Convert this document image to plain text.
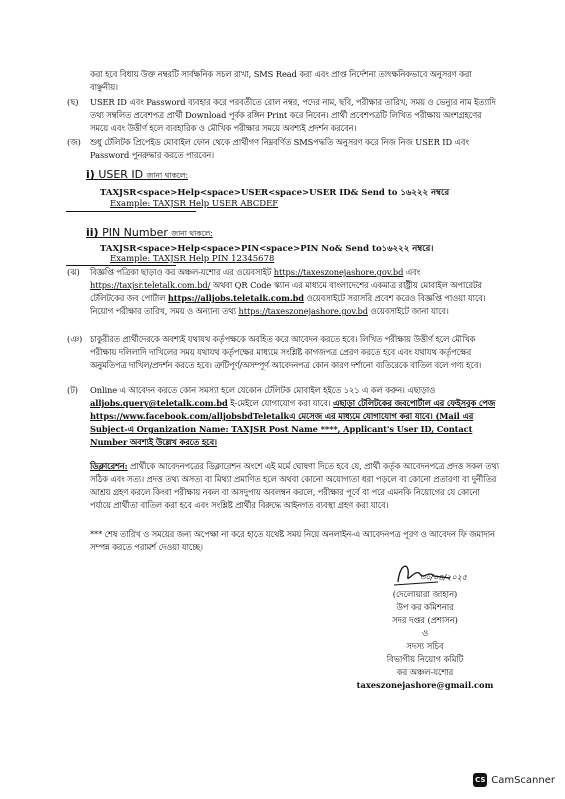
করা হবে বিধায় উক্ত নম্বরটি সার্বক্ষনিক সচল রাখা, SMS Read করা এবং প্রাপ্ত নির্দেশনা তাৎক্ষনিকভাবে অনুসরণ করা বাঞ্ছনীয়।
(ছ) USER ID এবং Password ব্যবহার করে পরবর্তীতে রোল নম্বর, পদের নাম, ছবি, পরীক্ষার তারিখ, সময় ও ভেন্যুর নাম ইত্যাদি তথ্য সম্বলিত প্রবেশপত্র প্রার্থী Download পূর্বক রঙ্গিন Print করে নিবেন। প্রার্থী প্রবেশপত্রটি লিখিত পরীক্ষায় অংশগ্রহণের সময়ে এবং উত্তীর্ণ হলে ব্যবহারিক ও মৌখিক পরীক্ষার সময়ে অবশ্যই প্রদর্শন করবেন।
(জ) শুধু টেলিটক প্রিপেইড মোবাইল ফোন থেকে প্রার্থীগণ নিম্নবর্ণিত SMSপদ্ধতি অনুসরণ করে নিজ নিজ USER ID এবং Password পুনরুদ্ধার করতে পারবেন।
i) USER ID জানা থাকলে:
TAXJSR<space>Help<space>USER<space>USER ID& Send to ১৬২২২ নম্বরে
Example: TAXJSR Help USER ABCDEF
ii) PIN Number জানা থাকলে:
TAXJSR<space>Help<space>PIN<space>PIN No& Send to১৬২২২ নম্বরে।
Example: TAXJSR Help PIN 12345678
(ঝ) বিজ্ঞপ্তি পত্রিকা ছাড়াও কর অঞ্চল-যশোর এর ওয়েবসাইট https://taxeszonejashore.gov.bd এবং https://taxjsr.teletalk.com.bd/ অথবা QR Code স্ক্যান এর মাধ্যমে বাংলাদেশের একমাত্র রাষ্ট্রীয় মোবাইল অপারেটর টেলিটকের জব পোর্টাল https://alljobs.teletalk.com.bd ওয়েবসাইটে সরাসরি প্রবেশ করেও বিজ্ঞপ্তি পাওয়া যাবে। নিয়োগ পরীক্ষার তারিখ, সময় ও অন্যান্য তথ্য https://taxeszonejashore.gov.bd ওয়েবসাইটে জানা যাবে।
(ঞ) চাকুরীরত প্রার্থীদেরকে অবশ্যই যথাযথ কর্তৃপক্ষকে অবহিত করে আবেদন করতে হবে। লিখিত পরীক্ষায় উত্তীর্ণ হলে মৌখিক পরীক্ষায় দলিলাদি দাখিলের সময় যথাযথ কর্তৃপক্ষের মাধ্যমে সংশ্লিষ্ট কাগজপত্র প্রেরণ করতে হবে এবং যথাযথ কর্তৃপক্ষের অনুমতিপত্র দাখিল/প্রদর্শন করতে হবে। ত্রুটিপূর্ণ/অসম্পূর্ণ আবেদনপত্র কোন কারণ দর্শানো ব্যতিরেকে বাতিল বলে গণ্য হবে।
(ট) Online এ আবেদন করতে কোন সমস্যা হলে যেকোন টেলিটক মোবাইল হইতে ১২১ এ কল করুন। এছাড়াও alljobs.query@teletalk.com.bd ই-মেইলে যোগাযোগ করা যাবে। এছাড়া টেলিটকের জবপোর্টাল এর ফেইসবুক পেজ https://www.facebook.com/alljobsbdTeletalkএ মেসেজ এর মাধ্যমে যোগাযোগ করা যাবে। (Mail এর Subject-এ Organization Name: TAXJSR Post Name ****, Applicant's User ID, Contact Number অবশ্যই উল্লেখ করতে হবে।
ডিক্লারেশন: প্রার্থীকে আবেদনপত্রের ডিক্লারেশন অংশে এই মর্মে ঘোষণা দিতে হবে যে, প্রার্থী কর্তৃক আবেদনপত্রে প্রদত্ত সকল তথ্য সঠিক এবং সত্য। প্রদত্ত তথ্য অসত্য বা মিথ্যা প্রমাণিত হলে অথবা কোনো অযোগ্যতা ধরা পড়লে বা কোনো প্রতারণা বা দুর্নীতির আশ্রয় গ্রহণ করলে কিংবা পরীক্ষায় নকল বা অসদুপায় অবলম্বন করলে, পরীক্ষার পূর্বে বা পরে এমনকি নিয়োগের যে কোনো পর্যায়ে প্রার্থীতা বাতিল করা হবে এবং সংশ্লিষ্ট প্রার্থীর বিরুদ্ধে আইনগত ব্যবস্থা গ্রহণ করা যাবে।
*** শেষ তারিখ ও সময়ের জন্য অপেক্ষা না করে হাতে যথেষ্ট সময় নিয়ে অনলাইন-এ আবেদনপত্র পূরণ ও আবেদন ফি জমাদান সম্পন্ন করতে পরামর্শ দেওয়া যাচ্ছে।
৩০/০৪/২০২৫
(দেলোয়ারা জাহান)
উপ কর কমিশনার
সদর দপ্তর (প্রশাসন)
ও
সদস্য সচিব
বিভাগীয় নিয়োগ কমিটি
কর অঞ্চল-যশোর
taxeszonejashore@gmail.com
CS CamScanner
